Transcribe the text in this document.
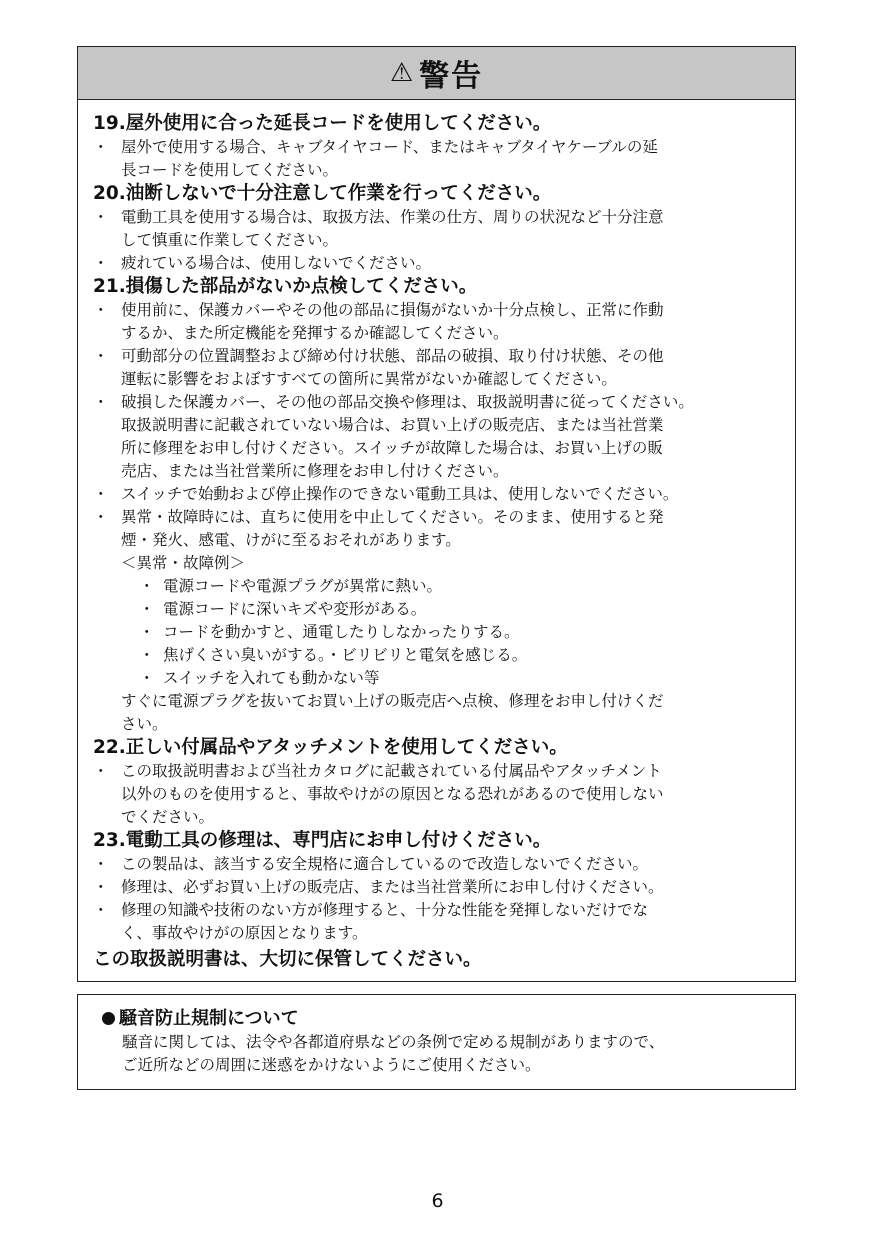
⚠ 警告
19.屋外使用に合った延長コードを使用してください。
・ 屋外で使用する場合、キャブタイヤコード、またはキャブタイヤケーブルの延
長コードを使用してください。
20.油断しないで十分注意して作業を行ってください。
・ 電動工具を使用する場合は、取扱方法、作業の仕方、周りの状況など十分注意
して慎重に作業してください。
・ 疲れている場合は、使用しないでください。
21.損傷した部品がないか点検してください。
・ 使用前に、保護カバーやその他の部品に損傷がないか十分点検し、正常に作動
するか、また所定機能を発揮するか確認してください。
・ 可動部分の位置調整および締め付け状態、部品の破損、取り付け状態、その他
運転に影響をおよぼすすべての箇所に異常がないか確認してください。
・ 破損した保護カバー、その他の部品交換や修理は、取扱説明書に従ってください。
取扱説明書に記載されていない場合は、お買い上げの販売店、または当社営業
所に修理をお申し付けください。スイッチが故障した場合は、お買い上げの販
売店、または当社営業所に修理をお申し付けください。
・ スイッチで始動および停止操作のできない電動工具は、使用しないでください。
・ 異常・故障時には、直ちに使用を中止してください。そのまま、使用すると発
煙・発火、感電、けがに至るおそれがあります。
＜異常・故障例＞
・ 電源コードや電源プラグが異常に熱い。
・ 電源コードに深いキズや変形がある。
・ コードを動かすと、通電したりしなかったりする。
・ 焦げくさい臭いがする。・ビリビリと電気を感じる。
・ スイッチを入れても動かない等
すぐに電源プラグを抜いてお買い上げの販売店へ点検、修理をお申し付けくだ
さい。
22.正しい付属品やアタッチメントを使用してください。
・ この取扱説明書および当社カタログに記載されている付属品やアタッチメント
以外のものを使用すると、事故やけがの原因となる恐れがあるので使用しない
でください。
23.電動工具の修理は、専門店にお申し付けください。
・ この製品は、該当する安全規格に適合しているので改造しないでください。
・ 修理は、必ずお買い上げの販売店、または当社営業所にお申し付けください。
・ 修理の知識や技術のない方が修理すると、十分な性能を発揮しないだけでな
く、事故やけがの原因となります。
この取扱説明書は、大切に保管してください。
騒音防止規制について
騒音に関しては、法令や各都道府県などの条例で定める規制がありますので、
ご近所などの周囲に迷惑をかけないようにご使用ください。
6
